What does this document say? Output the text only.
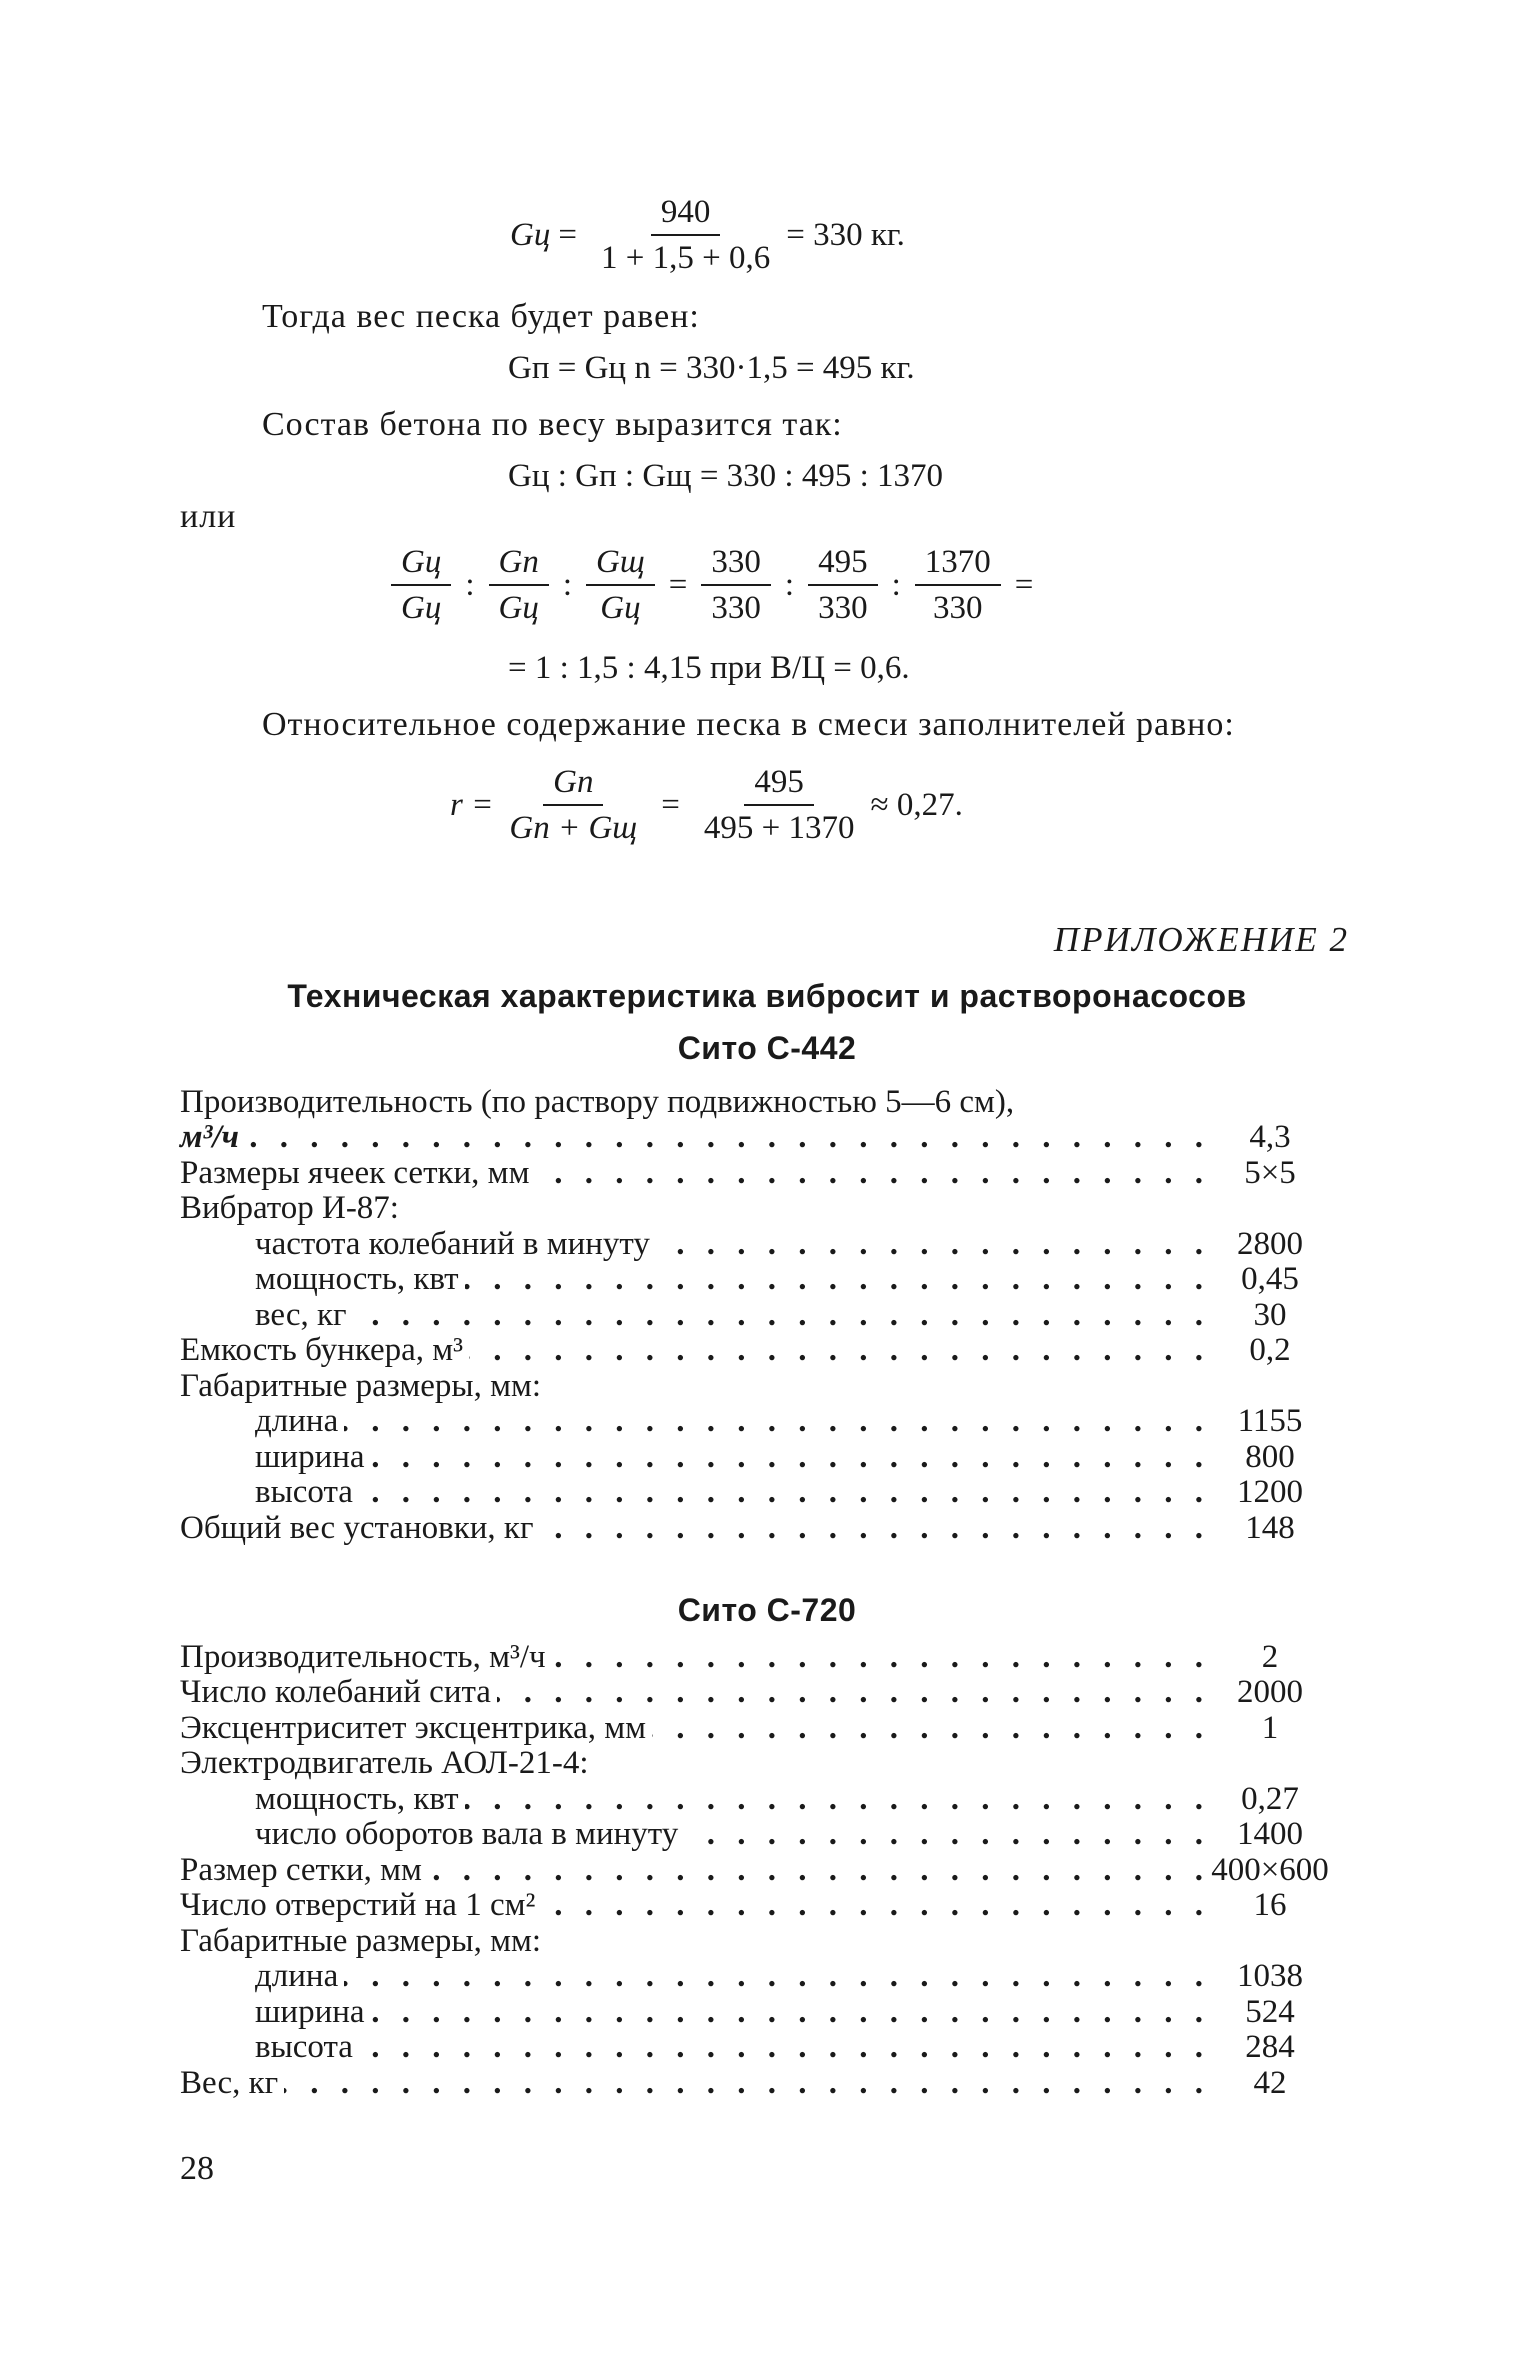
Gц = $\frac{940}{1 + 1,5 + 0,6} = 330$ кг.
Тогда вес песка будет равен:
Gп = Gц n = 330·1,5 = 495 кг.
Состав бетона по весу выразится так:
Gц : Gп : Gщ = 330 : 495 : 1370
или
$\frac{Gц}{Gц}$ : $\frac{Gп}{Gц}$ : $\frac{Gщ}{Gц} = \frac{330}{330}$ : $\frac{495}{330}$ : $\frac{1370}{330}$ =
= 1 : 1,5 : 4,15 при В/Ц = 0,6.
Относительное содержание песка в смеси заполнителей равно:
$r = \frac{Gп}{Gп + Gщ} = \frac{495}{495 + 1370} \approx 0,27$.
ПРИЛОЖЕНИЕ 2
Техническая характеристика вибросит и растворонасосов
Сито С-442
Производительность (по раствору подвижностью 5—6 см),
м³/ч . . .	4,3
Размеры ячеек сетки, мм . . .	5×5
Вибратор И-87:
частота колебаний в минуту . . .	2800
мощность, квт . . .	0,45
вес, кг . . .	30
Емкость бункера, м³ . . .	0,2
Габаритные размеры, мм:
длина . . .	1155
ширина . . .	800
высота . . .	1200
Общий вес установки, кг . . .	148
Сито С-720
Производительность, м³/ч . . .	2
Число колебаний сита . . .	2000
Эксцентриситет эксцентрика, мм . . .	1
Электродвигатель АОЛ-21-4:
мощность, квт . . .	0,27
число оборотов вала в минуту . . .	1400
Размер сетки, мм . . .	400×600
Число отверстий на 1 см² . . .	16
Габаритные размеры, мм:
длина . . .	1038
ширина . . .	524
высота . . .	284
Вес, кг . . .	42
28
